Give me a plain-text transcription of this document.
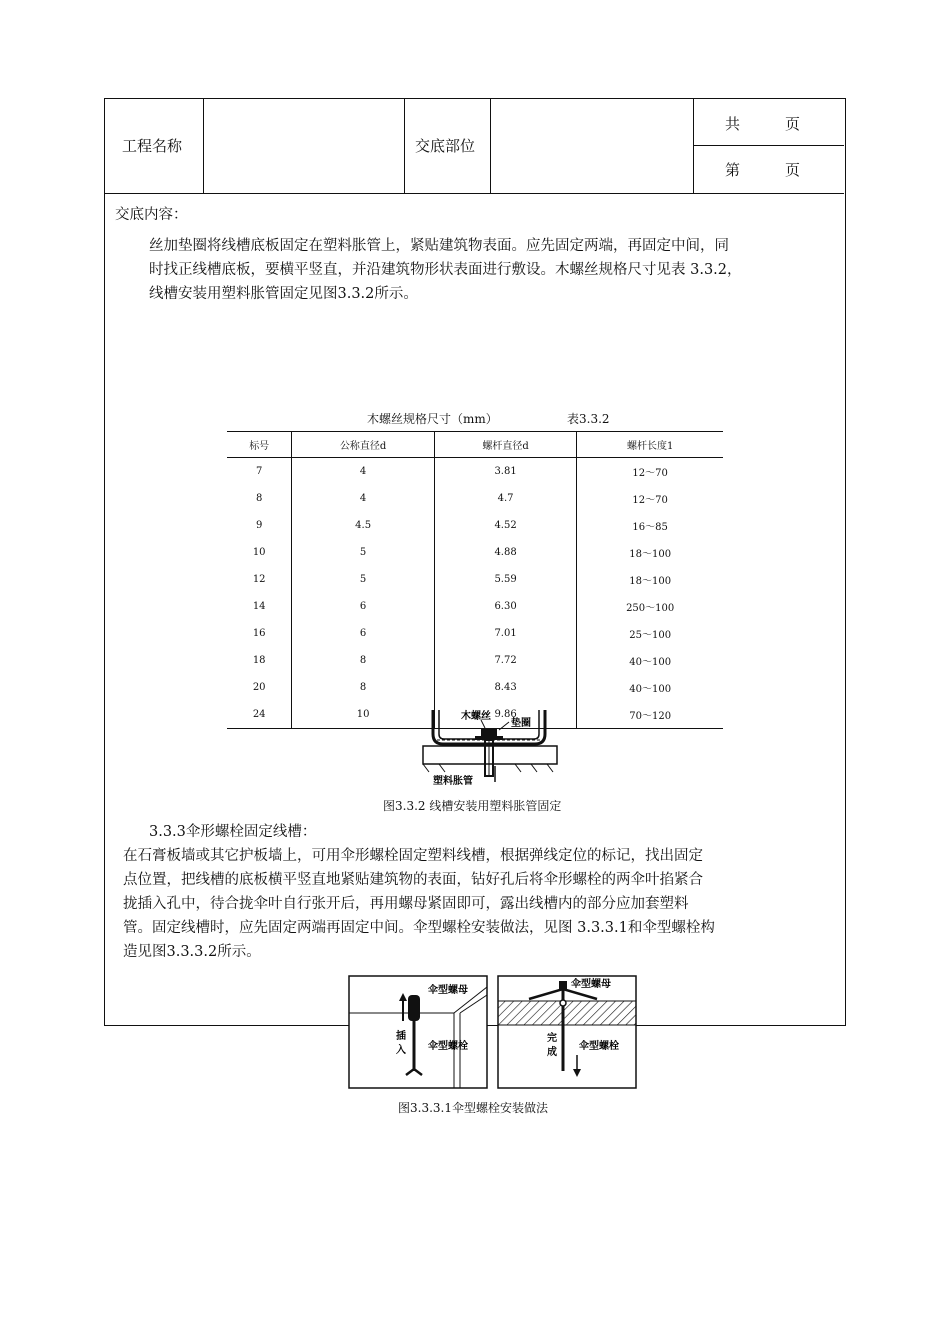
工程名称	交底部位
共　　　页
第　　　页
交底内容：
丝加垫圈将线槽底板固定在塑料胀管上，紧贴建筑物表面。应先固定两端，再固定中间，同
时找正线槽底板，要横平竖直，并沿建筑物形状表面进行敷设。木螺丝规格尺寸见表 3.3.2，
线槽安装用塑料胀管固定见图3.3.2所示。
木螺丝规格尺寸（mm）	表3.3.2
标号	公称直径d	螺杆直径d	螺杆长度1
7	4	3.81	12～70
8	4	4.7	12～70
9	4.5	4.52	16～85
10	5	4.88	18～100
12	5	5.59	18～100
14	6	6.30	250～100
16	6	7.01	25～100
18	8	7.72	40～100
20	8	8.43	40～100
24	10	9.86	70～120
木螺丝
垫圈
塑料胀管
图3.3.2 线槽安装用塑料胀管固定
3.3.3伞形螺栓固定线槽：
在石膏板墙或其它护板墙上，可用伞形螺栓固定塑料线槽，根据弹线定位的标记，找出固定
点位置，把线槽的底板横平竖直地紧贴建筑物的表面，钻好孔后将伞形螺栓的两伞叶掐紧合
拢插入孔中，待合拢伞叶自行张开后，再用螺母紧固即可，露出线槽内的部分应加套塑料
管。固定线槽时，应先固定两端再固定中间。伞型螺栓安装做法，见图 3.3.3.1和伞型螺栓构
造见图3.3.3.2所示。
伞型螺母
伞型螺栓
插
入
伞型螺母
伞型螺栓
完
成
图3.3.3.1伞型螺栓安装做法
